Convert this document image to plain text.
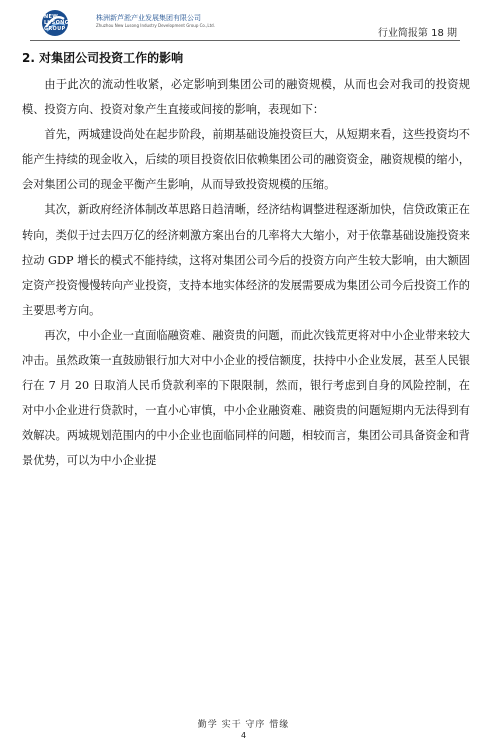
NEW
LUSONG
GROUP
株洲新芦淞产业发展集团有限公司
Zhuzhou New Lusong Industry Development Group Co.,Ltd.
行业简报第 18 期
2. 对集团公司投资工作的影响

由于此次的流动性收紧，必定影响到集团公司的融资规模，从而也会对我司的投资规模、投资方向、投资对象产生直接或间接的影响，表现如下：

首先，两城建设尚处在起步阶段，前期基础设施投资巨大，从短期来看，这些投资均不能产生持续的现金收入，后续的项目投资依旧依赖集团公司的融资资金，融资规模的缩小，会对集团公司的现金平衡产生影响，从而导致投资规模的压缩。

其次，新政府经济体制改革思路日趋清晰，经济结构调整进程逐渐加快，信贷政策正在转向，类似于过去四万亿的经济刺激方案出台的几率将大大缩小，对于依靠基础设施投资来拉动 GDP 增长的模式不能持续，这将对集团公司今后的投资方向产生较大影响，由大额固定资产投资慢慢转向产业投资，支持本地实体经济的发展需要成为集团公司今后投资工作的主要思考方向。

再次，中小企业一直面临融资难、融资贵的问题，而此次钱荒更将对中小企业带来较大冲击。虽然政策一直鼓励银行加大对中小企业的授信额度，扶持中小企业发展，甚至人民银行在 7 月 20 日取消人民币贷款利率的下限限制，然而，银行考虑到自身的风险控制，在对中小企业进行贷款时，一直小心审慎，中小企业融资难、融资贵的问题短期内无法得到有效解决。两城规划范围内的中小企业也面临同样的问题，相较而言，集团公司具备资金和背景优势，可以为中小企业提

勤学 实干 守序 惜缘
4
